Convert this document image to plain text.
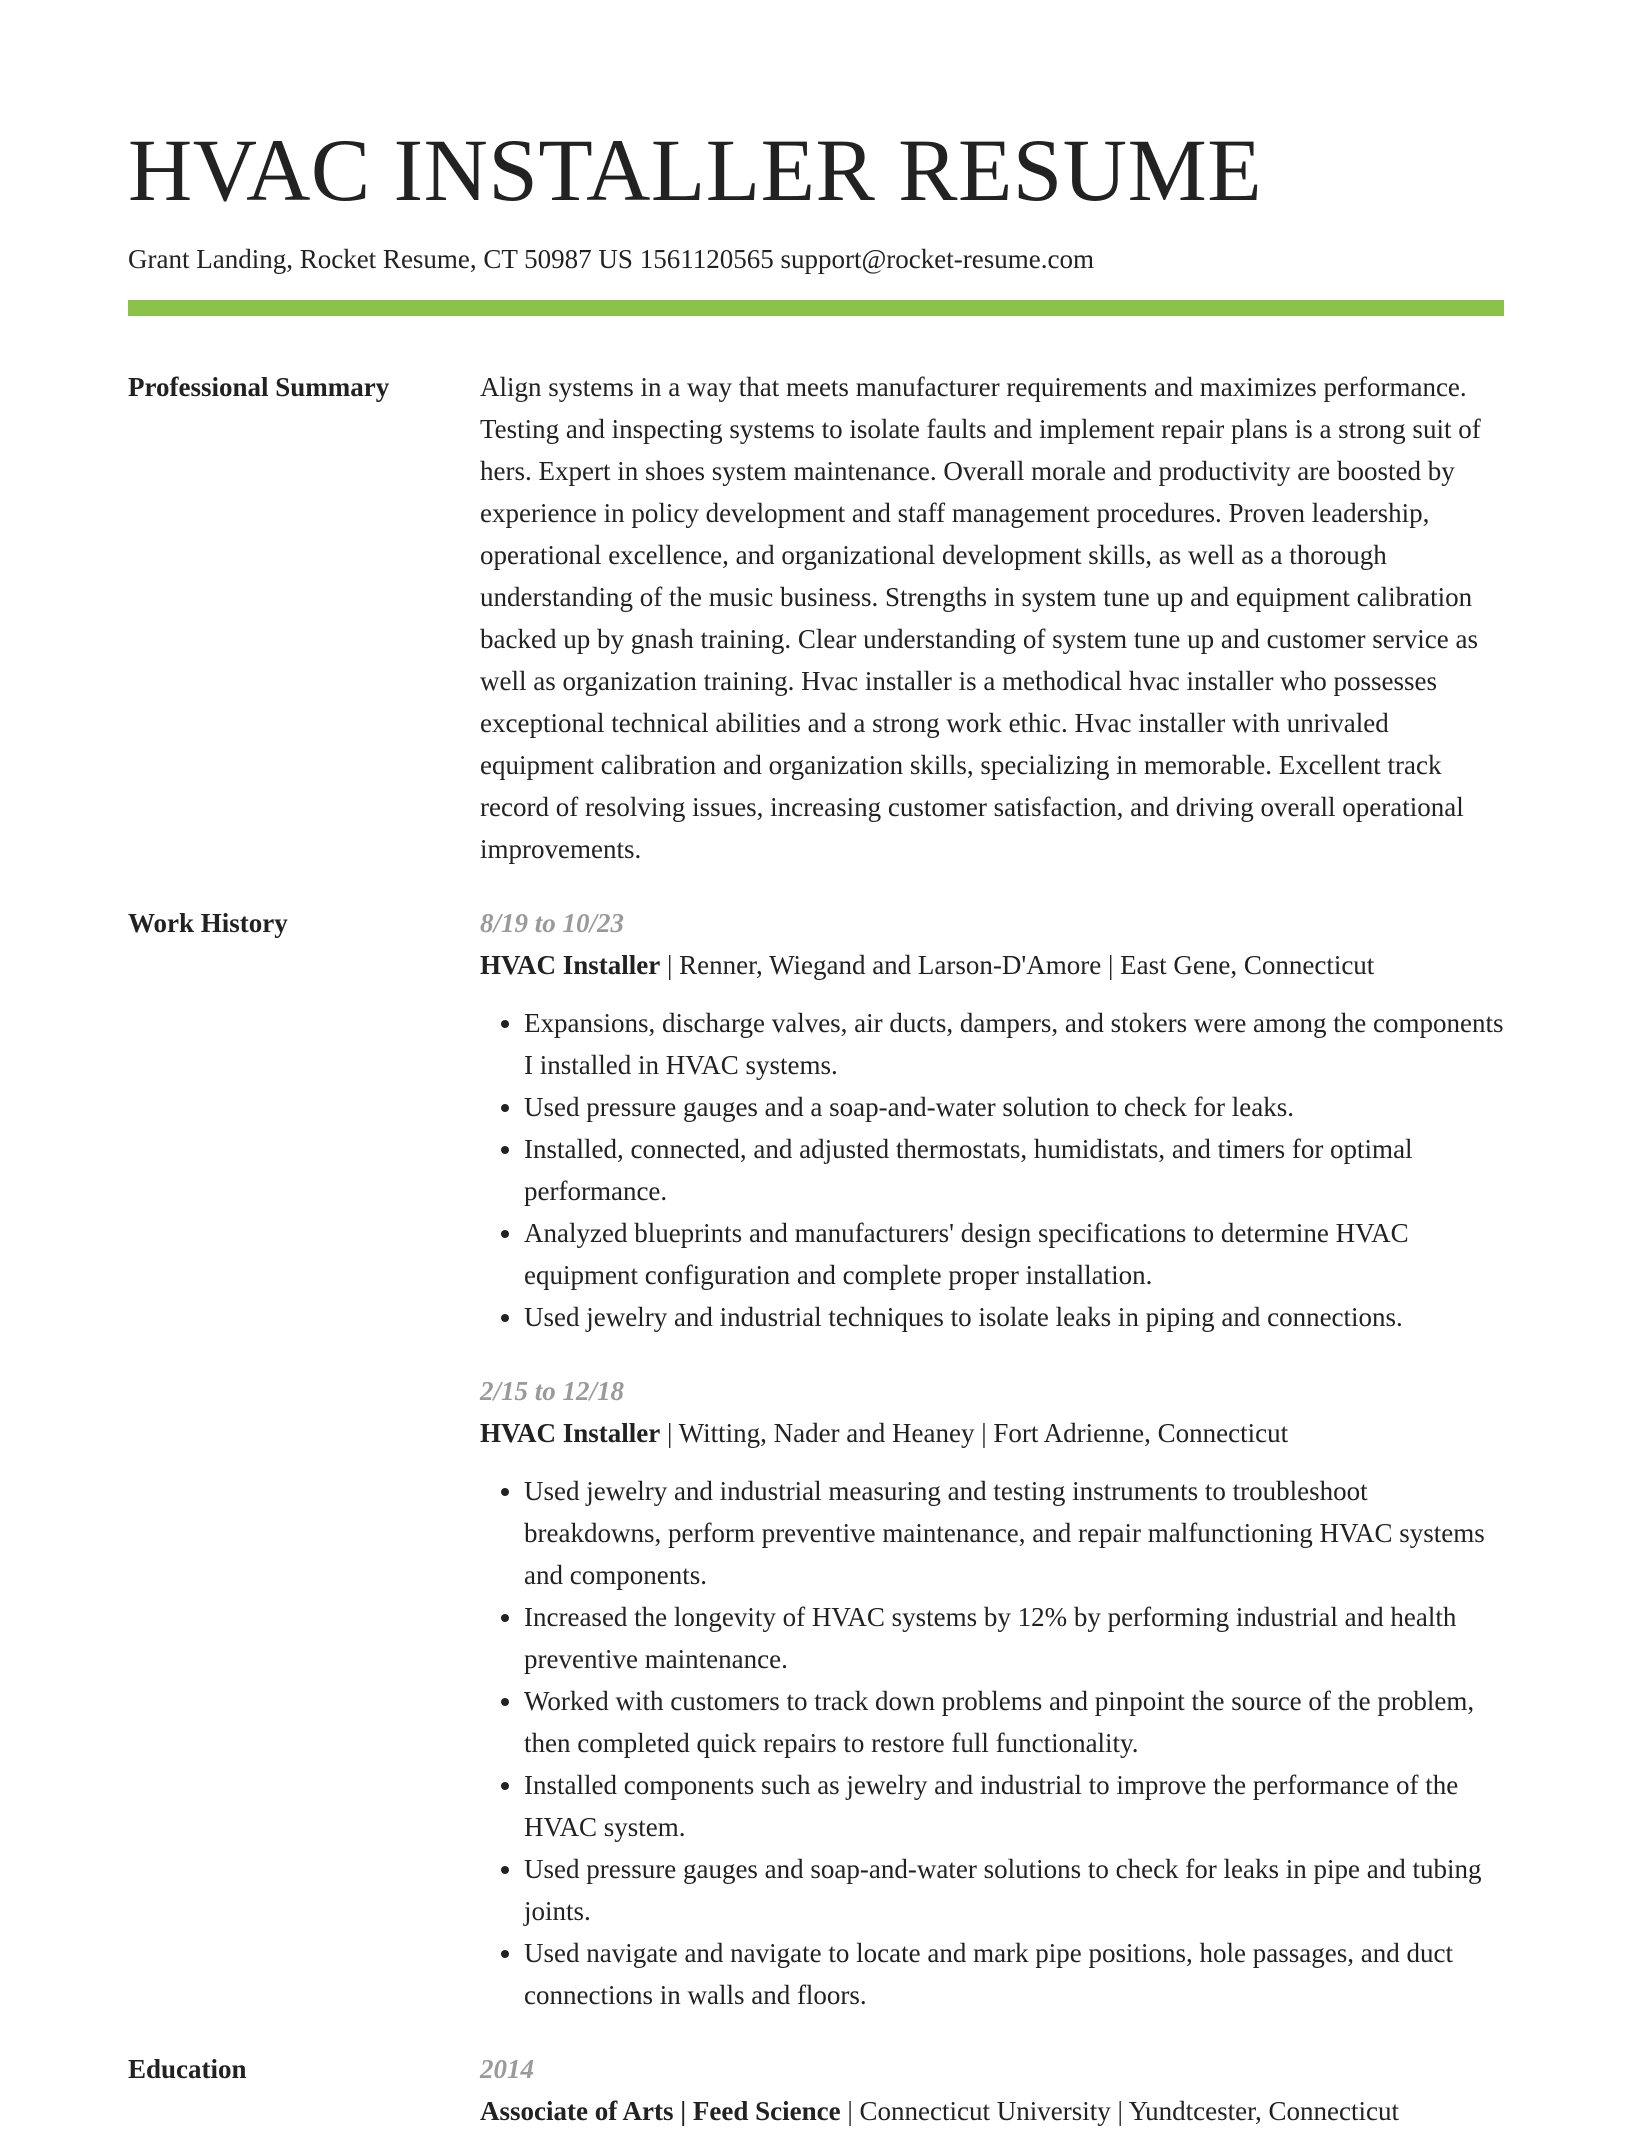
HVAC INSTALLER RESUME
Grant Landing, Rocket Resume, CT 50987 US 1561120565 support@rocket-resume.com
Professional Summary	Align systems in a way that meets manufacturer requirements and maximizes performance. Testing and inspecting systems to isolate faults and implement repair plans is a strong suit of hers. Expert in shoes system maintenance. Overall morale and productivity are boosted by experience in policy development and staff management procedures. Proven leadership, operational excellence, and organizational development skills, as well as a thorough understanding of the music business. Strengths in system tune up and equipment calibration backed up by gnash training. Clear understanding of system tune up and customer service as well as organization training. Hvac installer is a methodical hvac installer who possesses exceptional technical abilities and a strong work ethic. Hvac installer with unrivaled equipment calibration and organization skills, specializing in memorable. Excellent track record of resolving issues, increasing customer satisfaction, and driving overall operational improvements.

Work History	8/19 to 10/23
HVAC Installer | Renner, Wiegand and Larson-D'Amore | East Gene, Connecticut
• Expansions, discharge valves, air ducts, dampers, and stokers were among the components I installed in HVAC systems.
• Used pressure gauges and a soap-and-water solution to check for leaks.
• Installed, connected, and adjusted thermostats, humidistats, and timers for optimal performance.
• Analyzed blueprints and manufacturers' design specifications to determine HVAC equipment configuration and complete proper installation.
• Used jewelry and industrial techniques to isolate leaks in piping and connections.
2/15 to 12/18
HVAC Installer | Witting, Nader and Heaney | Fort Adrienne, Connecticut
• Used jewelry and industrial measuring and testing instruments to troubleshoot breakdowns, perform preventive maintenance, and repair malfunctioning HVAC systems and components.
• Increased the longevity of HVAC systems by 12% by performing industrial and health preventive maintenance.
• Worked with customers to track down problems and pinpoint the source of the problem, then completed quick repairs to restore full functionality.
• Installed components such as jewelry and industrial to improve the performance of the HVAC system.
• Used pressure gauges and soap-and-water solutions to check for leaks in pipe and tubing joints.
• Used navigate and navigate to locate and mark pipe positions, hole passages, and duct connections in walls and floors.
Education	2014
Associate of Arts | Feed Science | Connecticut University | Yundtcester, Connecticut
